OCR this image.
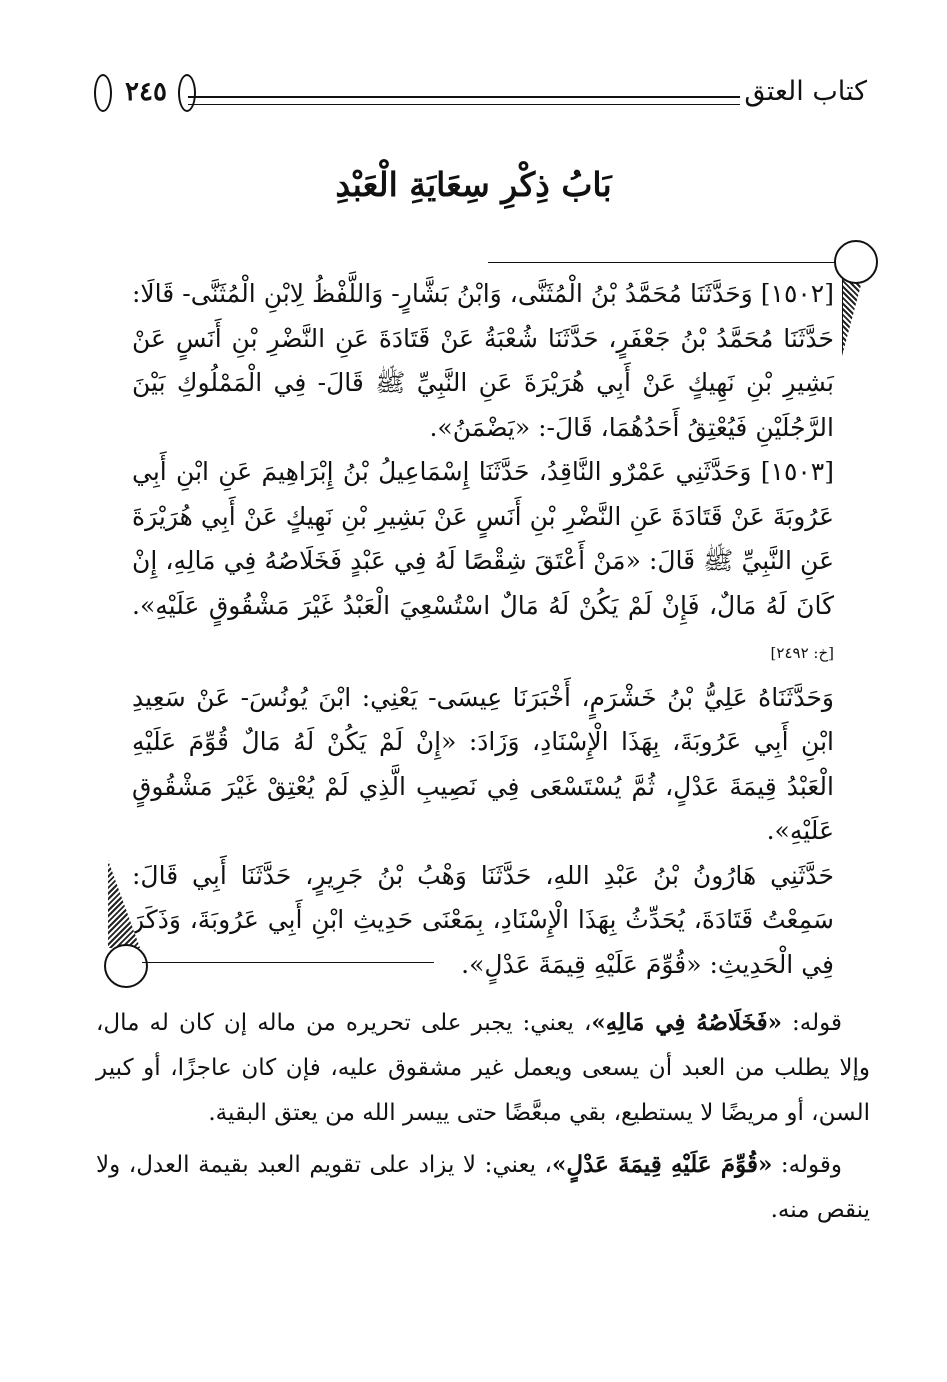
كتاب العتق
٢٤٥
بَابُ ذِكْرِ سِعَايَةِ الْعَبْدِ

[١٥٠٢] وَحَدَّثَنَا مُحَمَّدُ بْنُ الْمُثَنَّى، وَابْنُ بَشَّارٍ- وَاللَّفْظُ لِابْنِ الْمُثَنَّى- قَالَا: حَدَّثَنَا مُحَمَّدُ بْنُ جَعْفَرٍ، حَدَّثَنَا شُعْبَةُ عَنْ قَتَادَةَ عَنِ النَّضْرِ بْنِ أَنَسٍ عَنْ بَشِيرِ بْنِ نَهِيكٍ عَنْ أَبِي هُرَيْرَةَ عَنِ النَّبِيِّ ﷺ قَالَ- فِي الْمَمْلُوكِ بَيْنَ الرَّجُلَيْنِ فَيُعْتِقُ أَحَدُهُمَا، قَالَ-: «يَضْمَنُ».

[١٥٠٣] وَحَدَّثَنِي عَمْرٌو النَّاقِدُ، حَدَّثَنَا إِسْمَاعِيلُ بْنُ إِبْرَاهِيمَ عَنِ ابْنِ أَبِي عَرُوبَةَ عَنْ قَتَادَةَ عَنِ النَّضْرِ بْنِ أَنَسٍ عَنْ بَشِيرِ بْنِ نَهِيكٍ عَنْ أَبِي هُرَيْرَةَ عَنِ النَّبِيِّ ﷺ قَالَ: «مَنْ أَعْتَقَ شِقْصًا لَهُ فِي عَبْدٍ فَخَلَاصُهُ فِي مَالِهِ، إِنْ كَانَ لَهُ مَالٌ، فَإِنْ لَمْ يَكُنْ لَهُ مَالٌ اسْتُسْعِيَ الْعَبْدُ غَيْرَ مَشْقُوقٍ عَلَيْهِ». [خ: ٢٤٩٢]

وَحَدَّثَنَاهُ عَلِيُّ بْنُ خَشْرَمٍ، أَخْبَرَنَا عِيسَى- يَعْنِي: ابْنَ يُونُسَ- عَنْ سَعِيدِ ابْنِ أَبِي عَرُوبَةَ، بِهَذَا الْإِسْنَادِ، وَزَادَ: «إِنْ لَمْ يَكُنْ لَهُ مَالٌ قُوِّمَ عَلَيْهِ الْعَبْدُ قِيمَةَ عَدْلٍ، ثُمَّ يُسْتَسْعَى فِي نَصِيبِ الَّذِي لَمْ يُعْتِقْ غَيْرَ مَشْقُوقٍ عَلَيْهِ».

حَدَّثَنِي هَارُونُ بْنُ عَبْدِ اللهِ، حَدَّثَنَا وَهْبُ بْنُ جَرِيرٍ، حَدَّثَنَا أَبِي قَالَ: سَمِعْتُ قَتَادَةَ، يُحَدِّثُ بِهَذَا الْإِسْنَادِ، بِمَعْنَى حَدِيثِ ابْنِ أَبِي عَرُوبَةَ، وَذَكَرَ فِي الْحَدِيثِ: «قُوِّمَ عَلَيْهِ قِيمَةَ عَدْلٍ».

قوله: «فَخَلَاصُهُ فِي مَالِهِ»، يعني: يجبر على تحريره من ماله إن كان له مال، وإلا يطلب من العبد أن يسعى ويعمل غير مشقوق عليه، فإن كان عاجزًا، أو كبير السن، أو مريضًا لا يستطيع، بقي مبعَّضًا حتى ييسر الله من يعتق البقية.

وقوله: «قُوِّمَ عَلَيْهِ قِيمَةَ عَدْلٍ»، يعني: لا يزاد على تقويم العبد بقيمة العدل، ولا ينقص منه.
